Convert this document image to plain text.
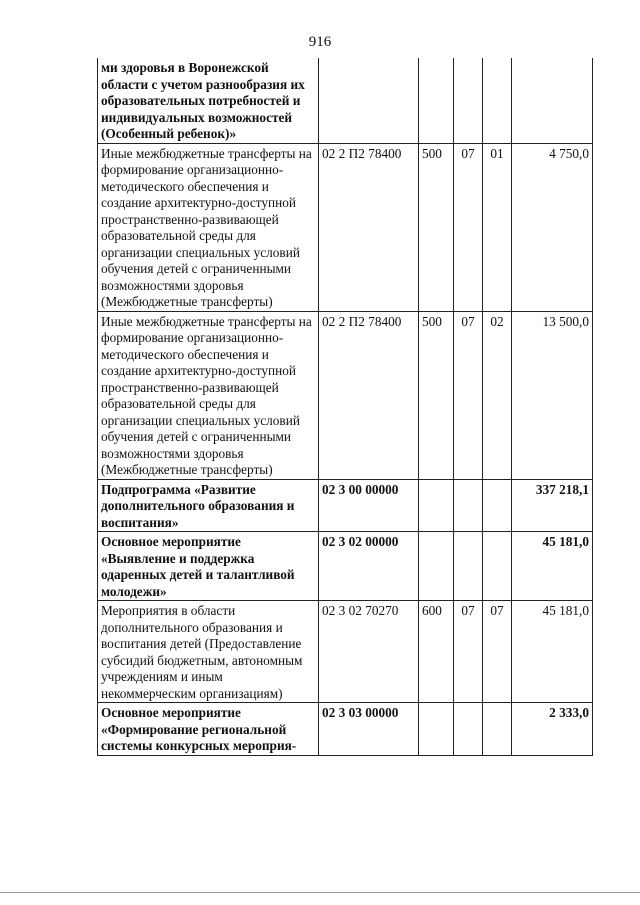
916
ми здоровья в Воронежской области с учетом разнообразия их образовательных потребностей и индивидуальных возможностей (Особенный ребенок)»					
Иные межбюджетные трансферты на формирование организационно-методического обеспечения и создание архитектурно-доступной пространственно-развивающей образовательной среды для организации специальных условий обучения детей с ограниченными возможностями здоровья (Межбюджетные трансферты)	02 2 П2 78400	500	07	01	4 750,0
Иные межбюджетные трансферты на формирование организационно-методического обеспечения и создание архитектурно-доступной пространственно-развивающей образовательной среды для организации специальных условий обучения детей с ограниченными возможностями здоровья (Межбюджетные трансферты)	02 2 П2 78400	500	07	02	13 500,0
Подпрограмма «Развитие дополнительного образования и воспитания»	02 3 00 00000				337 218,1
Основное мероприятие «Выявление и поддержка одаренных детей и талантливой молодежи»	02 3 02 00000				45 181,0
Мероприятия в области дополнительного образования и воспитания детей (Предоставление субсидий бюджетным, автономным учреждениям и иным некоммерческим организациям)	02 3 02 70270	600	07	07	45 181,0
Основное мероприятие «Формирование региональной системы конкурсных мероприя-	02 3 03 00000				2 333,0
